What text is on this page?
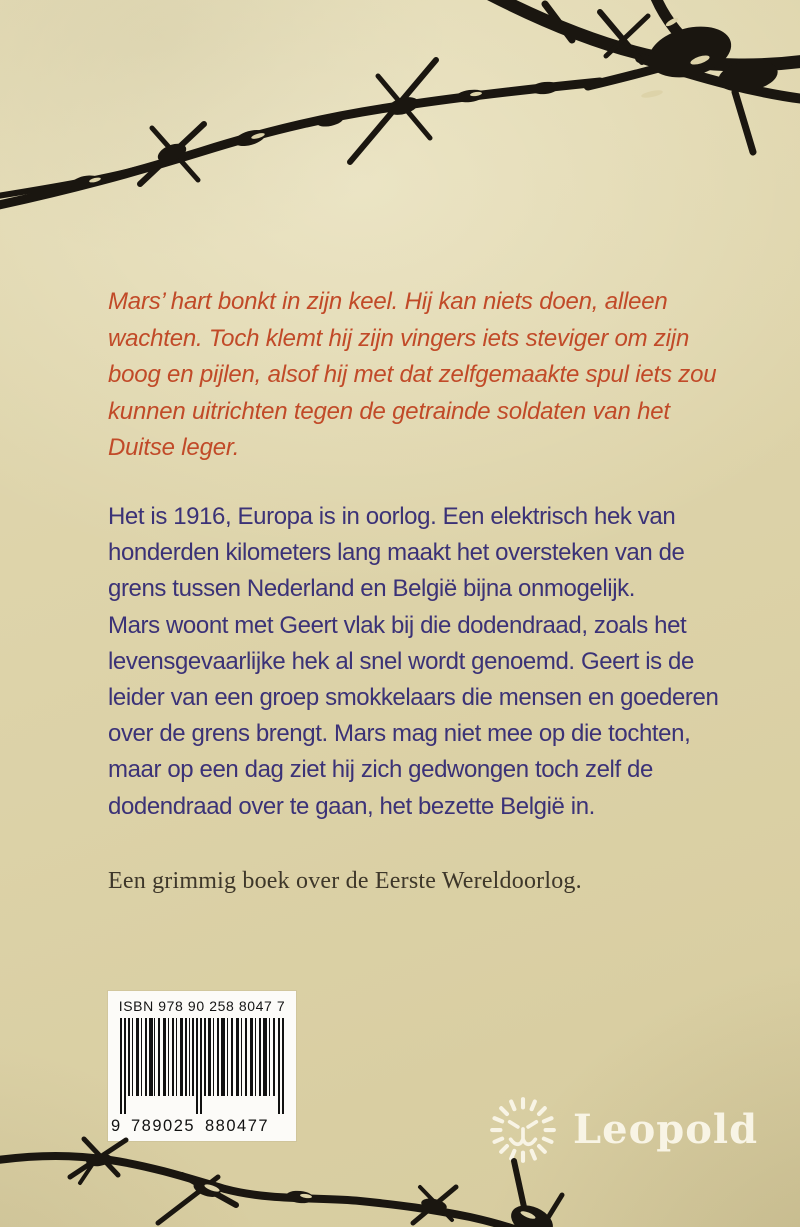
Mars’ hart bonkt in zijn keel. Hij kan niets doen, alleen
wachten. Toch klemt hij zijn vingers iets steviger om zijn
boog en pijlen, alsof hij met dat zelfgemaakte spul iets zou
kunnen uitrichten tegen de getrainde soldaten van het
Duitse leger.
Het is 1916, Europa is in oorlog. Een elektrisch hek van
honderden kilometers lang maakt het oversteken van de
grens tussen Nederland en België bijna onmogelijk.
Mars woont met Geert vlak bij die dodendraad, zoals het
levensgevaarlijke hek al snel wordt genoemd. Geert is de
leider van een groep smokkelaars die mensen en goederen
over de grens brengt. Mars mag niet mee op die tochten,
maar op een dag ziet hij zich gedwongen toch zelf de
dodendraad over te gaan, het bezette België in.
Een grimmig boek over de Eerste Wereldoorlog.
ISBN 978 90 258 8047 7
9 789025 880477	Leopold
